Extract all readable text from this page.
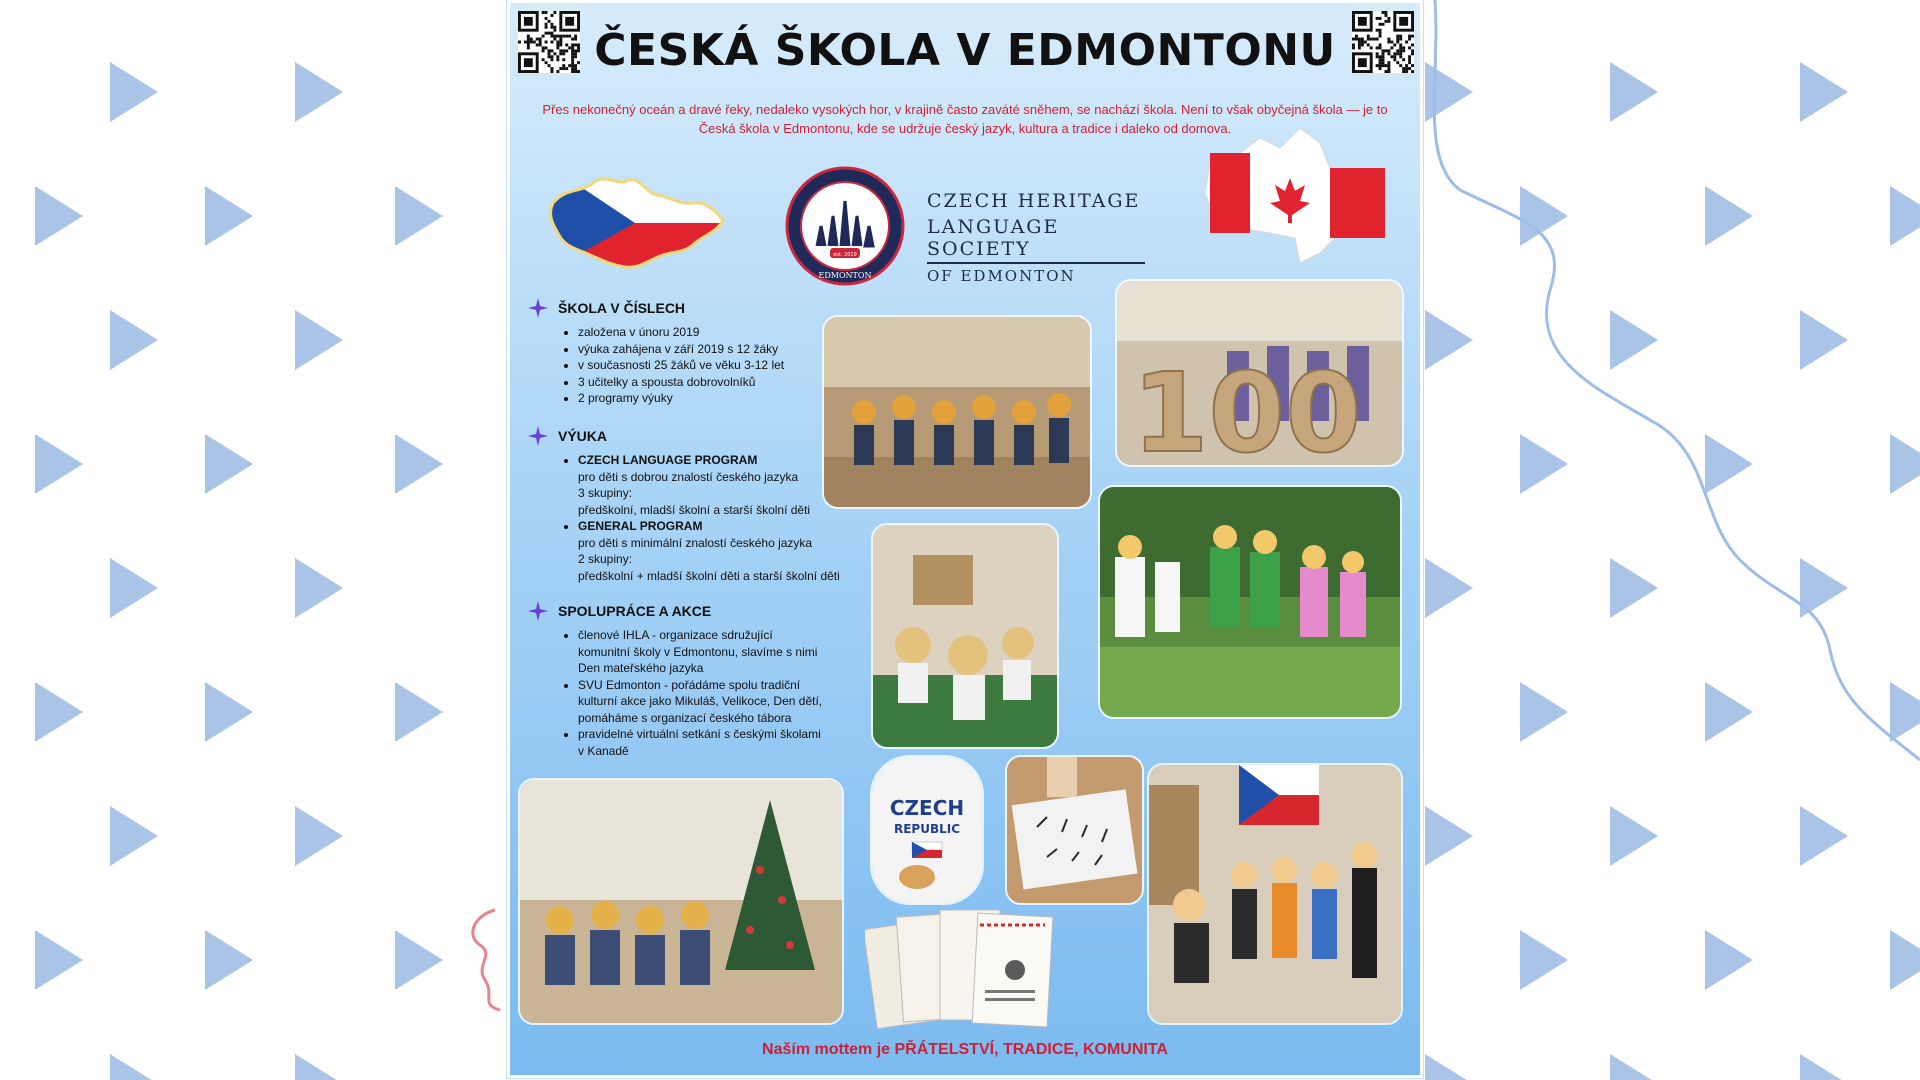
ČESKÁ ŠKOLA V EDMONTONU
Přes nekonečný oceán a dravé řeky, nedaleko vysokých hor, v krajině často zaváté sněhem, se nachází škola. Není to však obyčejná škola — je to
Česká škola v Edmontonu, kde se udržuje český jazyk, kultura a tradice i daleko od domova.
est. 2019
EDMONTON
CZECH HERITAGE
LANGUAGE SOCIETY
OF EDMONTON
ŠKOLA V ČÍSLECH
• založena v únoru 2019
• výuka zahájena v září 2019 s 12 žáky
• v současnosti 25 žáků ve věku 3-12 let
• 3 učitelky a spousta dobrovolníků
• 2 programy výuky
VÝUKA
• CZECH LANGUAGE PROGRAM
pro děti s dobrou znalostí českého jazyka
3 skupiny:
předškolní, mladší školní a starší školní děti
• GENERAL PROGRAM
pro děti s minimální znalostí českého jazyka
2 skupiny:
předškolní + mladší školní děti a starší školní děti
SPOLUPRÁCE A AKCE
• členové IHLA - organizace sdružující komunitní školy v Edmontonu, slavíme s nimi Den mateřského jazyka
• SVU Edmonton - pořádáme spolu tradiční kulturní akce jako Mikuláš, Velikoce, Den dětí, pomáháme s organizací českého tábora
• pravidelné virtuální setkání s českými školami v Kanadě
100
CZECH
REPUBLIC
Naším mottem je PŘÁTELSTVÍ, TRADICE, KOMUNITA
